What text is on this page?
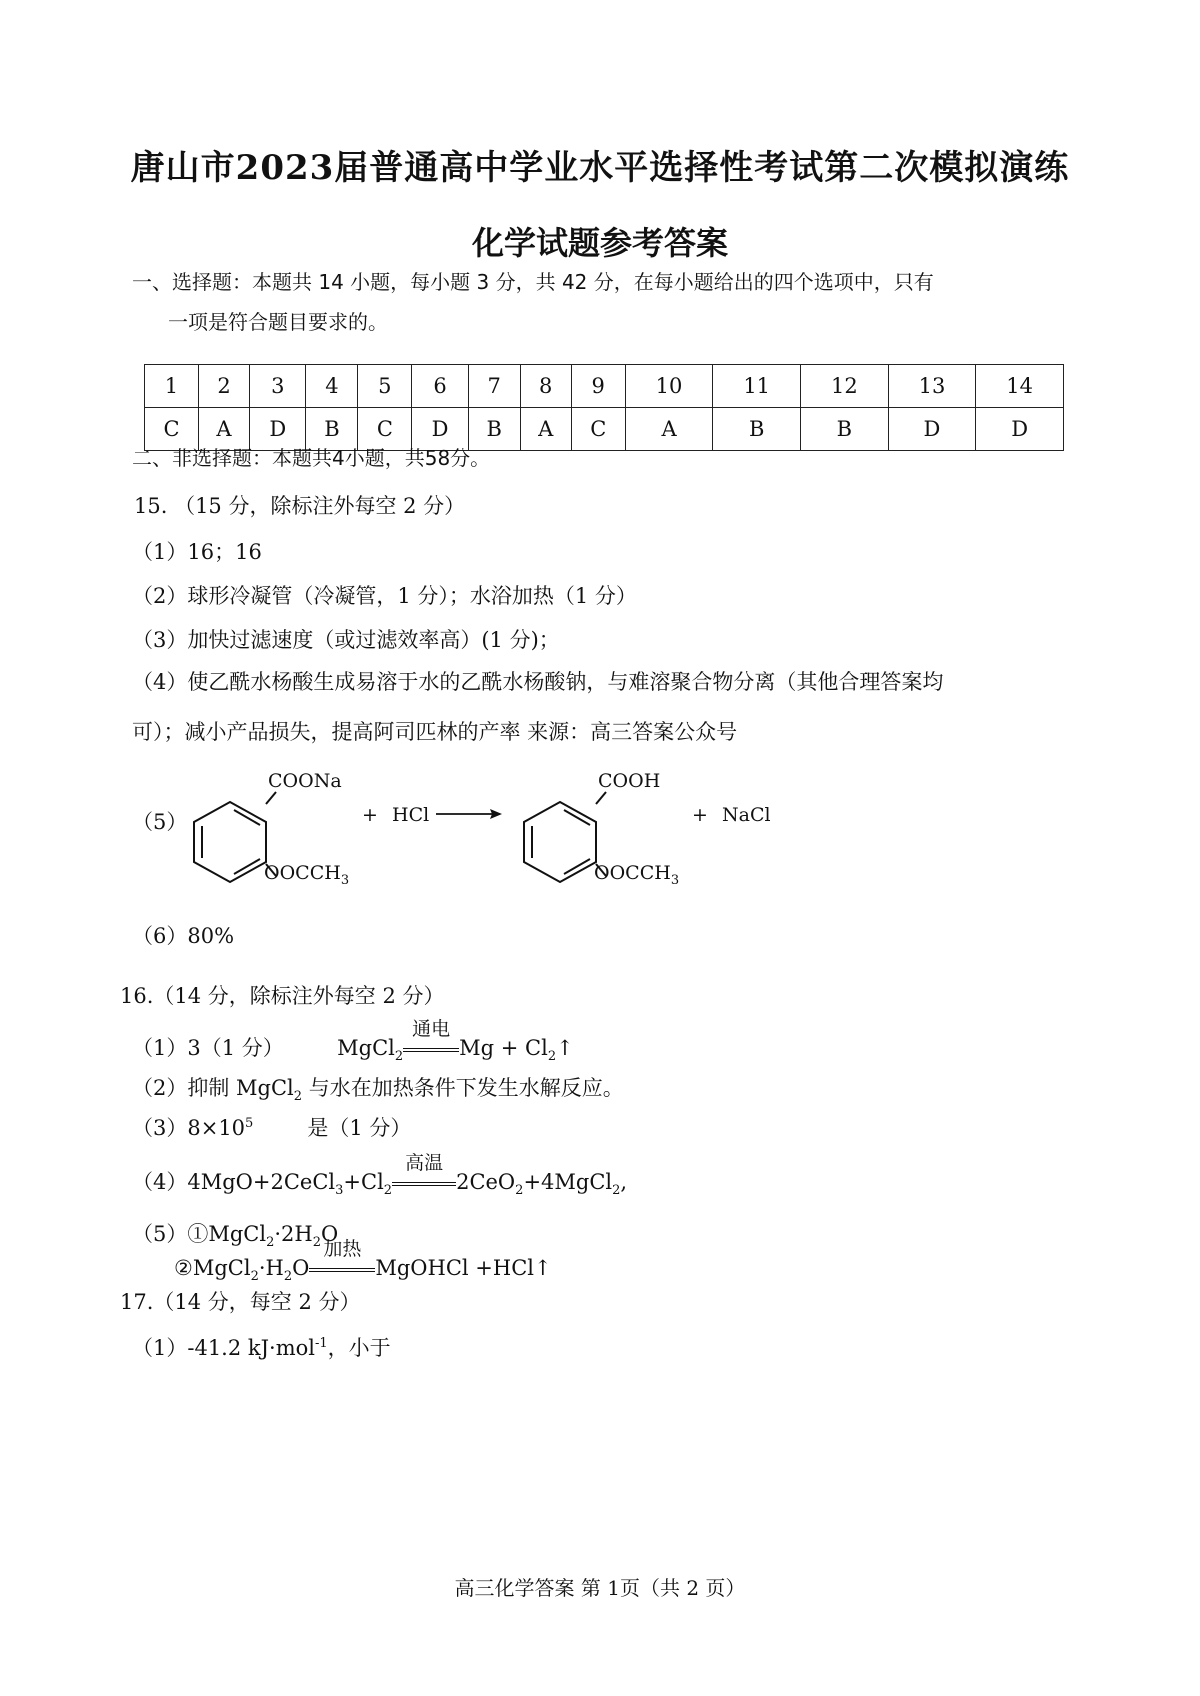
唐山市2023届普通高中学业水平选择性考试第二次模拟演练
化学试题参考答案
一、选择题：本题共 14 小题，每小题 3 分，共 42 分，在每小题给出的四个选项中，只有
一项是符合题目要求的。
1	2	3	4	5	6	7	8	9	10	11	12	13	14
C	A	D	B	C	D	B	A	C	A	B	B	D	D
二、非选择题：本题共4小题，共58分。
15. （15 分，除标注外每空 2 分）
（1）16；16
（2）球形冷凝管（冷凝管，1 分）；水浴加热（1 分）
（3）加快过滤速度（或过滤效率高）(1 分)；
（4）使乙酰水杨酸生成易溶于水的乙酰水杨酸钠，与难溶聚合物分离（其他合理答案均
可）；减小产品损失，提高阿司匹林的产率 来源：高三答案公众号
（5）
COONa
$OOCCH_3$
+ HCl
COOH
$OOCCH_3$
+ NaCl
（6）80%
16.（14 分，除标注外每空 2 分）
（1）3（1 分）	MgCl$_2$
通电
$Mg + Cl_2↑$
（2）抑制 MgCl$_2$ 与水在加热条件下发生水解反应。
$(3)8\times 10^5$	是（1 分）
$(4)4MgO+2CeCl_3+Cl_2$
高温
2CeO$_2$+4MgCl$_2$,
$(5)①MgCl_2\cdot 2H_2O$
$②MgCl_2\cdot H_2O$
加热
MgOHCl +HCl↑
17.（14 分，每空 2 分）
（1）-41.2 kJ·mol$^{-1}$，小于
高三化学答案 第 1页（共 2 页）
